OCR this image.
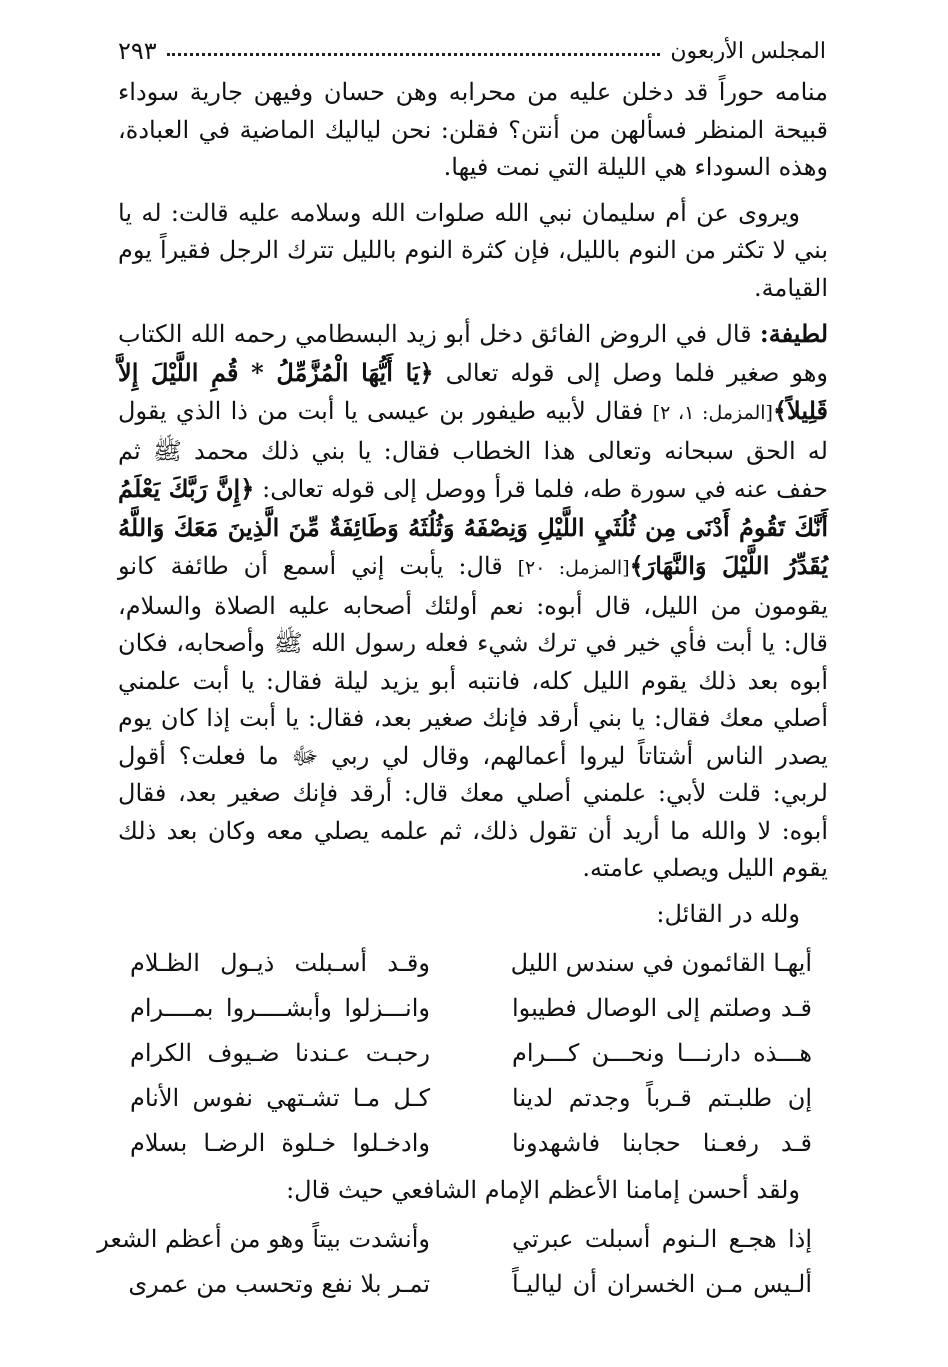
المجلس الأربعون
٢٩٣

منامه حوراً قد دخلن عليه من محرابه وهن حسان وفيهن جارية سوداء قبيحة المنظر فسألهن من أنتن؟ فقلن: نحن لياليك الماضية في العبادة، وهذه السوداء هي الليلة التي نمت فيها.

ويروى عن أم سليمان نبي الله صلوات الله وسلامه عليه قالت: له يا بني لا تكثر من النوم بالليل، فإن كثرة النوم بالليل تترك الرجل فقيراً يوم القيامة.

لطيفة: قال في الروض الفائق دخل أبو زيد البسطامي رحمه الله الكتاب وهو صغير فلما وصل إلى قوله تعالى ﴿يَا أَيُّهَا الْمُزَّمِّلُ * قُمِ اللَّيْلَ إِلاَّ قَلِيلاً﴾[المزمل: ١، ٢] فقال لأبيه طيفور بن عيسى يا أبت من ذا الذي يقول له الحق سبحانه وتعالى هذا الخطاب فقال: يا بني ذلك محمد ﷺ ثم حفف عنه في سورة طه، فلما قرأ ووصل إلى قوله تعالى: ﴿إِنَّ رَبَّكَ يَعْلَمُ أَنَّكَ تَقُومُ أَدْنَى مِن ثُلُثَيِ اللَّيْلِ وَنِصْفَهُ وَثُلُثَهُ وَطَائِفَةٌ مِّنَ الَّذِينَ مَعَكَ وَاللَّهُ يُقَدِّرُ اللَّيْلَ وَالنَّهَارَ﴾[المزمل: ٢٠] قال: يأبت إني أسمع أن طائفة كانو يقومون من الليل، قال أبوه: نعم أولئك أصحابه عليه الصلاة والسلام، قال: يا أبت فأي خير في ترك شيء فعله رسول الله ﷺ وأصحابه، فكان أبوه بعد ذلك يقوم الليل كله، فانتبه أبو يزيد ليلة فقال: يا أبت علمني أصلي معك فقال: يا بني أرقد فإنك صغير بعد، فقال: يا أبت إذا كان يوم يصدر الناس أشتاتاً ليروا أعمالهم، وقال لي ربي ﷻ ما فعلت؟ أقول لربي: قلت لأبي: علمني أصلي معك قال: أرقد فإنك صغير بعد، فقال أبوه: لا والله ما أريد أن تقول ذلك، ثم علمه يصلي معه وكان بعد ذلك يقوم الليل ويصلي عامته.

ولله در القائل:

أيهـا القائمون في سندس الليل
وقـد أسـبلت ذيـول الظـلام
قـد وصلتم إلى الوصال فطيبوا
وانـــزلوا وأبشــــروا بمــــرام
هـــذه دارنـــا ونحـــن كـــرام
رحبـت عـندنا ضـيوف الكرام
إن طلبـتم قـرباً وجدتم لدينا
كـل مـا تشـتهي نفوس الأنام
قـد رفعـنا حجابنا فاشهدونا
وادخـلوا خـلوة الرضـا بسلام

ولقد أحسن إمامنا الأعظم الإمام الشافعي حيث قال:

إذا هجـع الـنوم أسبلت عبرتي
وأنشدت بيتاً وهو من أعظم الشعر
ألـيس مـن الخسران أن لياليـاً
تمـر بلا نفع وتحسب من عمرى
